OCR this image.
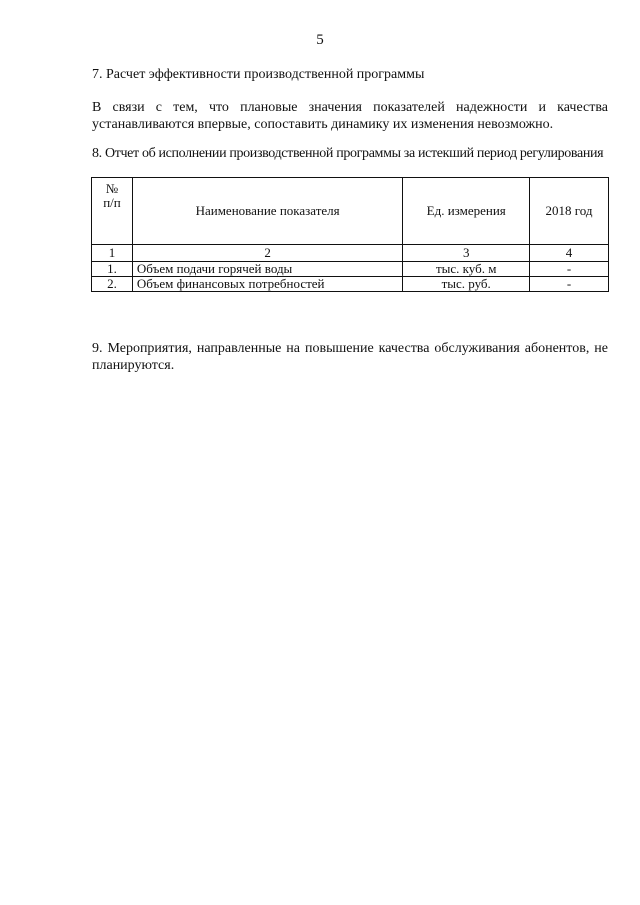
5
7. Расчет эффективности производственной программы
В связи с тем, что плановые значения показателей надежности и качества
устанавливаются впервые, сопоставить динамику их изменения невозможно.
8. Отчет об исполнении производственной программы за истекший период регулирования
№
п/п	Наименование показателя	Ед. измерения	2018 год
1	2	3	4
1.	Объем подачи горячей воды	тыс. куб. м	-
2.	Объем финансовых потребностей	тыс. руб.	-
9. Мероприятия, направленные на повышение качества обслуживания абонентов, не
планируются.
